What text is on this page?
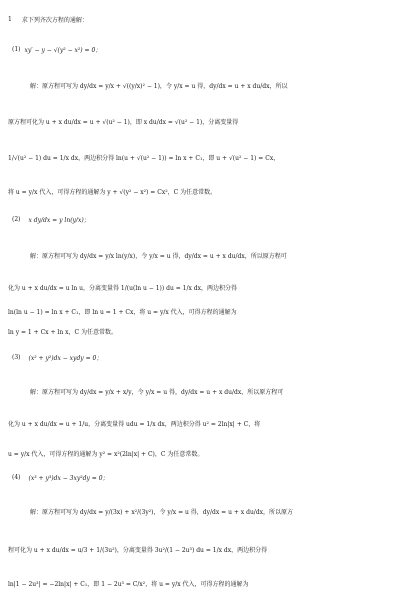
1 求下列齐次方程的通解：
(1) xy′ − y − √(y² − x²) = 0；
解：原方程可写为 dy/dx = y/x + √((y/x)² − 1)，令 y/x = u 得，dy/dx = u + x du/dx，所以
原方程可化为 u + x du/dx = u + √(u² − 1)，即 x du/dx = √(u² − 1)，分离变量得
1/√(u² − 1) du = 1/x dx，两边积分得 ln(u + √(u² − 1)) = ln x + C₁，即 u + √(u² − 1) = Cx，
将 u = y/x 代入，可得方程的通解为 y + √(y² − x²) = Cx²，C 为任意常数。
(2) x dy/dx = y ln(y/x)；
解：原方程可写为 dy/dx = y/x ln(y/x)，令 y/x = u 得，dy/dx = u + x du/dx，所以原方程可
化为 u + x du/dx = u ln u，分离变量得 1/(u(ln u − 1)) du = 1/x dx，两边积分得
ln(ln u − 1) = ln x + C₁，即 ln u = 1 + Cx，将 u = y/x 代入，可得方程的通解为
ln y = 1 + Cx + ln x，C 为任意常数。
(3) (x² + y²)dx − xydy = 0；
解：原方程可写为 dy/dx = y/x + x/y，令 y/x = u 得，dy/dx = u + x du/dx，所以原方程可
化为 u + x du/dx = u + 1/u，分离变量得 udu = 1/x dx，两边积分得 u² = 2ln|x| + C，将
u = y/x 代入，可得方程的通解为 y² = x²(2ln|x| + C)，C 为任意常数。
(4) (x³ + y³)dx − 3xy²dy = 0；
解：原方程可写为 dy/dx = y/(3x) + x²/(3y²)，令 y/x = u 得，dy/dx = u + x du/dx，所以原方
程可化为 u + x du/dx = u/3 + 1/(3u²)，分离变量得 3u²/(1 − 2u³) du = 1/x dx，两边积分得
ln|1 − 2u³| = −2ln|x| + C₁，即 1 − 2u³ = C/x²，将 u = y/x 代入，可得方程的通解为
